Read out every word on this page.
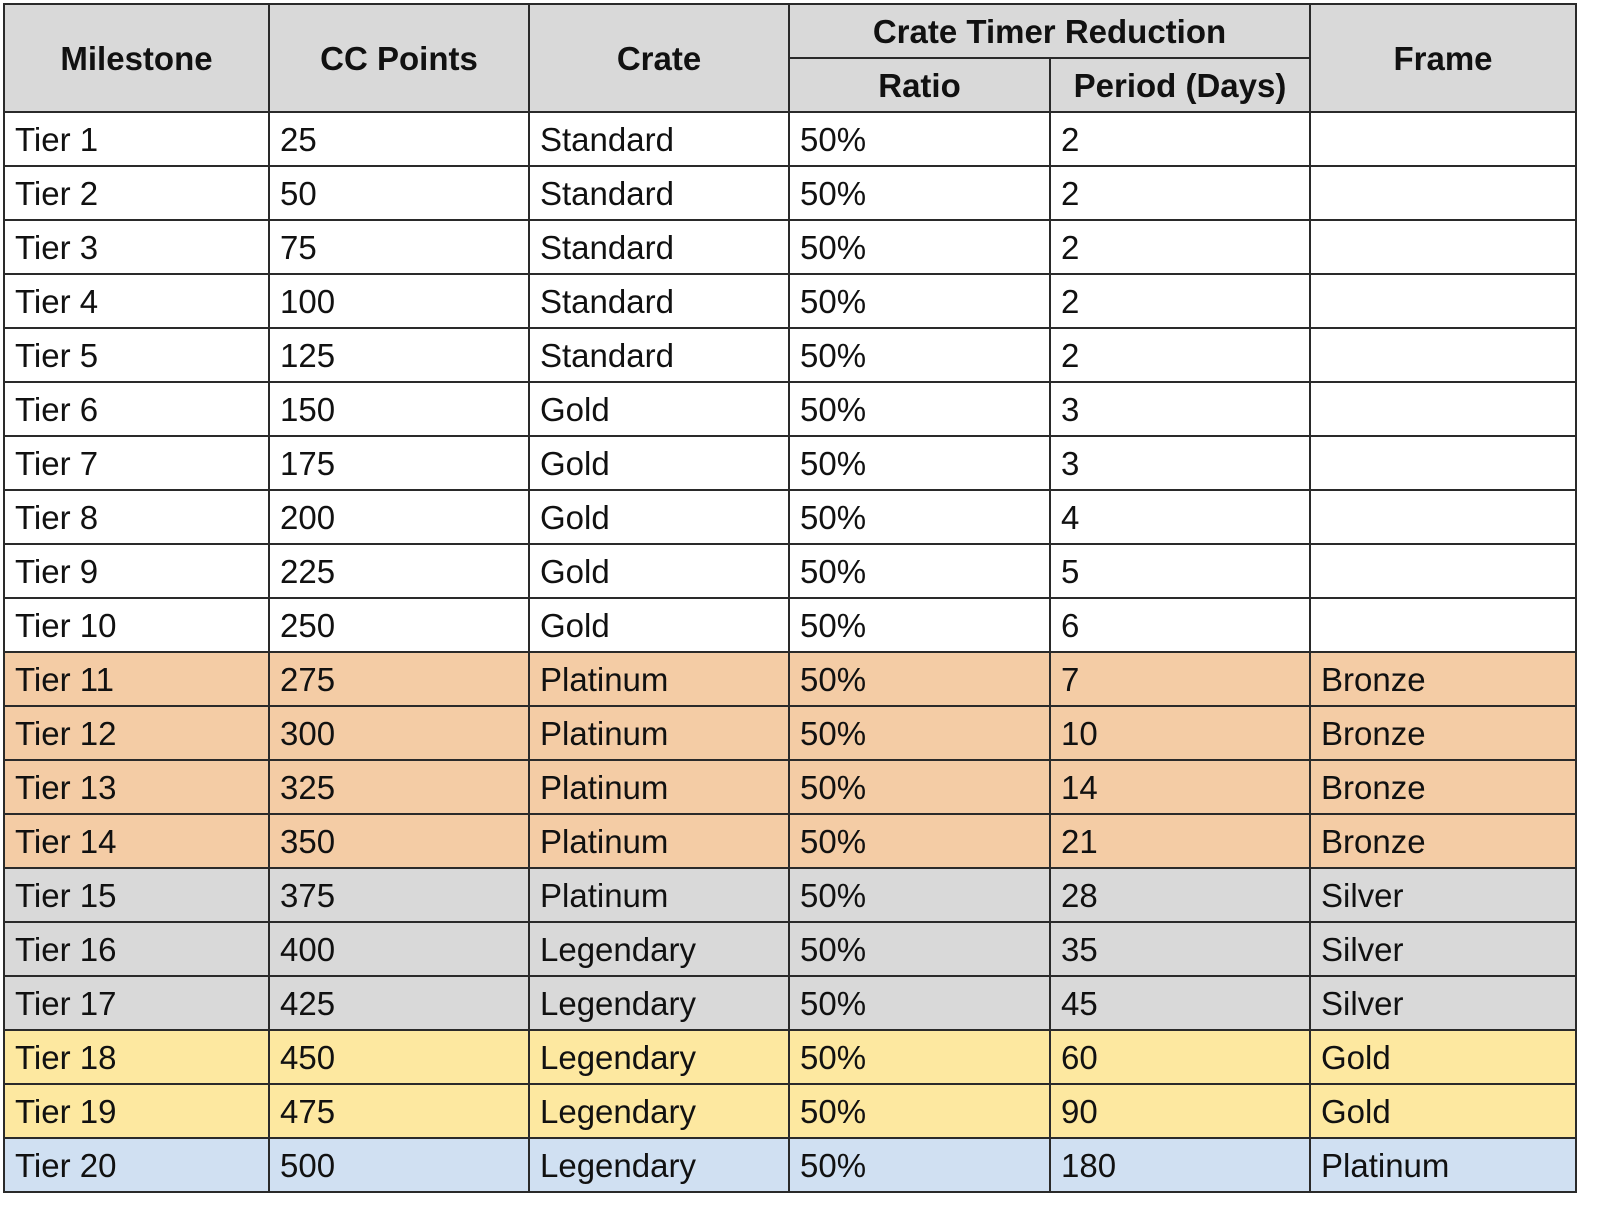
Milestone	CC Points	Crate	Crate Timer Reduction		Frame
			Ratio	Period (Days)	
Tier 1	25	Standard	50%	2	
Tier 2	50	Standard	50%	2	
Tier 3	75	Standard	50%	2	
Tier 4	100	Standard	50%	2	
Tier 5	125	Standard	50%	2	
Tier 6	150	Gold	50%	3	
Tier 7	175	Gold	50%	3	
Tier 8	200	Gold	50%	4	
Tier 9	225	Gold	50%	5	
Tier 10	250	Gold	50%	6	
Tier 11	275	Platinum	50%	7	Bronze
Tier 12	300	Platinum	50%	10	Bronze
Tier 13	325	Platinum	50%	14	Bronze
Tier 14	350	Platinum	50%	21	Bronze
Tier 15	375	Platinum	50%	28	Silver
Tier 16	400	Legendary	50%	35	Silver
Tier 17	425	Legendary	50%	45	Silver
Tier 18	450	Legendary	50%	60	Gold
Tier 19	475	Legendary	50%	90	Gold
Tier 20	500	Legendary	50%	180	Platinum
